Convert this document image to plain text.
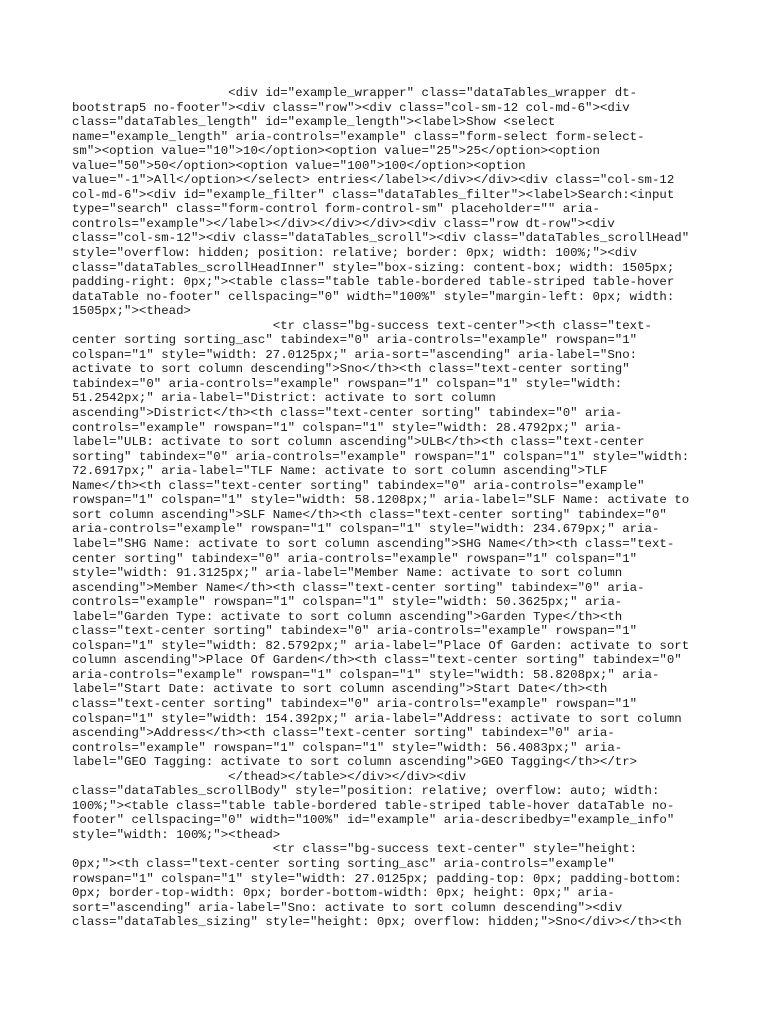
<div id="example_wrapper" class="dataTables_wrapper dt-
bootstrap5 no-footer"><div class="row"><div class="col-sm-12 col-md-6"><div
class="dataTables_length" id="example_length"><label>Show <select
name="example_length" aria-controls="example" class="form-select form-select-
sm"><option value="10">10</option><option value="25">25</option><option
value="50">50</option><option value="100">100</option><option
value="-1">All</option></select> entries</label></div></div><div class="col-sm-12
col-md-6"><div id="example_filter" class="dataTables_filter"><label>Search:<input
type="search" class="form-control form-control-sm" placeholder="" aria-
controls="example"></label></div></div></div><div class="row dt-row"><div
class="col-sm-12"><div class="dataTables_scroll"><div class="dataTables_scrollHead"
style="overflow: hidden; position: relative; border: 0px; width: 100%;"><div
class="dataTables_scrollHeadInner" style="box-sizing: content-box; width: 1505px;
padding-right: 0px;"><table class="table table-bordered table-striped table-hover
dataTable no-footer" cellspacing="0" width="100%" style="margin-left: 0px; width:
1505px;"><thead>
<tr class="bg-success text-center"><th class="text-
center sorting sorting_asc" tabindex="0" aria-controls="example" rowspan="1"
colspan="1" style="width: 27.0125px;" aria-sort="ascending" aria-label="Sno:
activate to sort column descending">Sno</th><th class="text-center sorting"
tabindex="0" aria-controls="example" rowspan="1" colspan="1" style="width:
51.2542px;" aria-label="District: activate to sort column
ascending">District</th><th class="text-center sorting" tabindex="0" aria-
controls="example" rowspan="1" colspan="1" style="width: 28.4792px;" aria-
label="ULB: activate to sort column ascending">ULB</th><th class="text-center
sorting" tabindex="0" aria-controls="example" rowspan="1" colspan="1" style="width:
72.6917px;" aria-label="TLF Name: activate to sort column ascending">TLF
Name</th><th class="text-center sorting" tabindex="0" aria-controls="example"
rowspan="1" colspan="1" style="width: 58.1208px;" aria-label="SLF Name: activate to
sort column ascending">SLF Name</th><th class="text-center sorting" tabindex="0"
aria-controls="example" rowspan="1" colspan="1" style="width: 234.679px;" aria-
label="SHG Name: activate to sort column ascending">SHG Name</th><th class="text-
center sorting" tabindex="0" aria-controls="example" rowspan="1" colspan="1"
style="width: 91.3125px;" aria-label="Member Name: activate to sort column
ascending">Member Name</th><th class="text-center sorting" tabindex="0" aria-
controls="example" rowspan="1" colspan="1" style="width: 50.3625px;" aria-
label="Garden Type: activate to sort column ascending">Garden Type</th><th
class="text-center sorting" tabindex="0" aria-controls="example" rowspan="1"
colspan="1" style="width: 82.5792px;" aria-label="Place Of Garden: activate to sort
column ascending">Place Of Garden</th><th class="text-center sorting" tabindex="0"
aria-controls="example" rowspan="1" colspan="1" style="width: 58.8208px;" aria-
label="Start Date: activate to sort column ascending">Start Date</th><th
class="text-center sorting" tabindex="0" aria-controls="example" rowspan="1"
colspan="1" style="width: 154.392px;" aria-label="Address: activate to sort column
ascending">Address</th><th class="text-center sorting" tabindex="0" aria-
controls="example" rowspan="1" colspan="1" style="width: 56.4083px;" aria-
label="GEO Tagging: activate to sort column ascending">GEO Tagging</th></tr>
</thead></table></div></div><div
class="dataTables_scrollBody" style="position: relative; overflow: auto; width:
100%;"><table class="table table-bordered table-striped table-hover dataTable no-
footer" cellspacing="0" width="100%" id="example" aria-describedby="example_info"
style="width: 100%;"><thead>
<tr class="bg-success text-center" style="height:
0px;"><th class="text-center sorting sorting_asc" aria-controls="example"
rowspan="1" colspan="1" style="width: 27.0125px; padding-top: 0px; padding-bottom:
0px; border-top-width: 0px; border-bottom-width: 0px; height: 0px;" aria-
sort="ascending" aria-label="Sno: activate to sort column descending"><div
class="dataTables_sizing" style="height: 0px; overflow: hidden;">Sno</div></th><th
